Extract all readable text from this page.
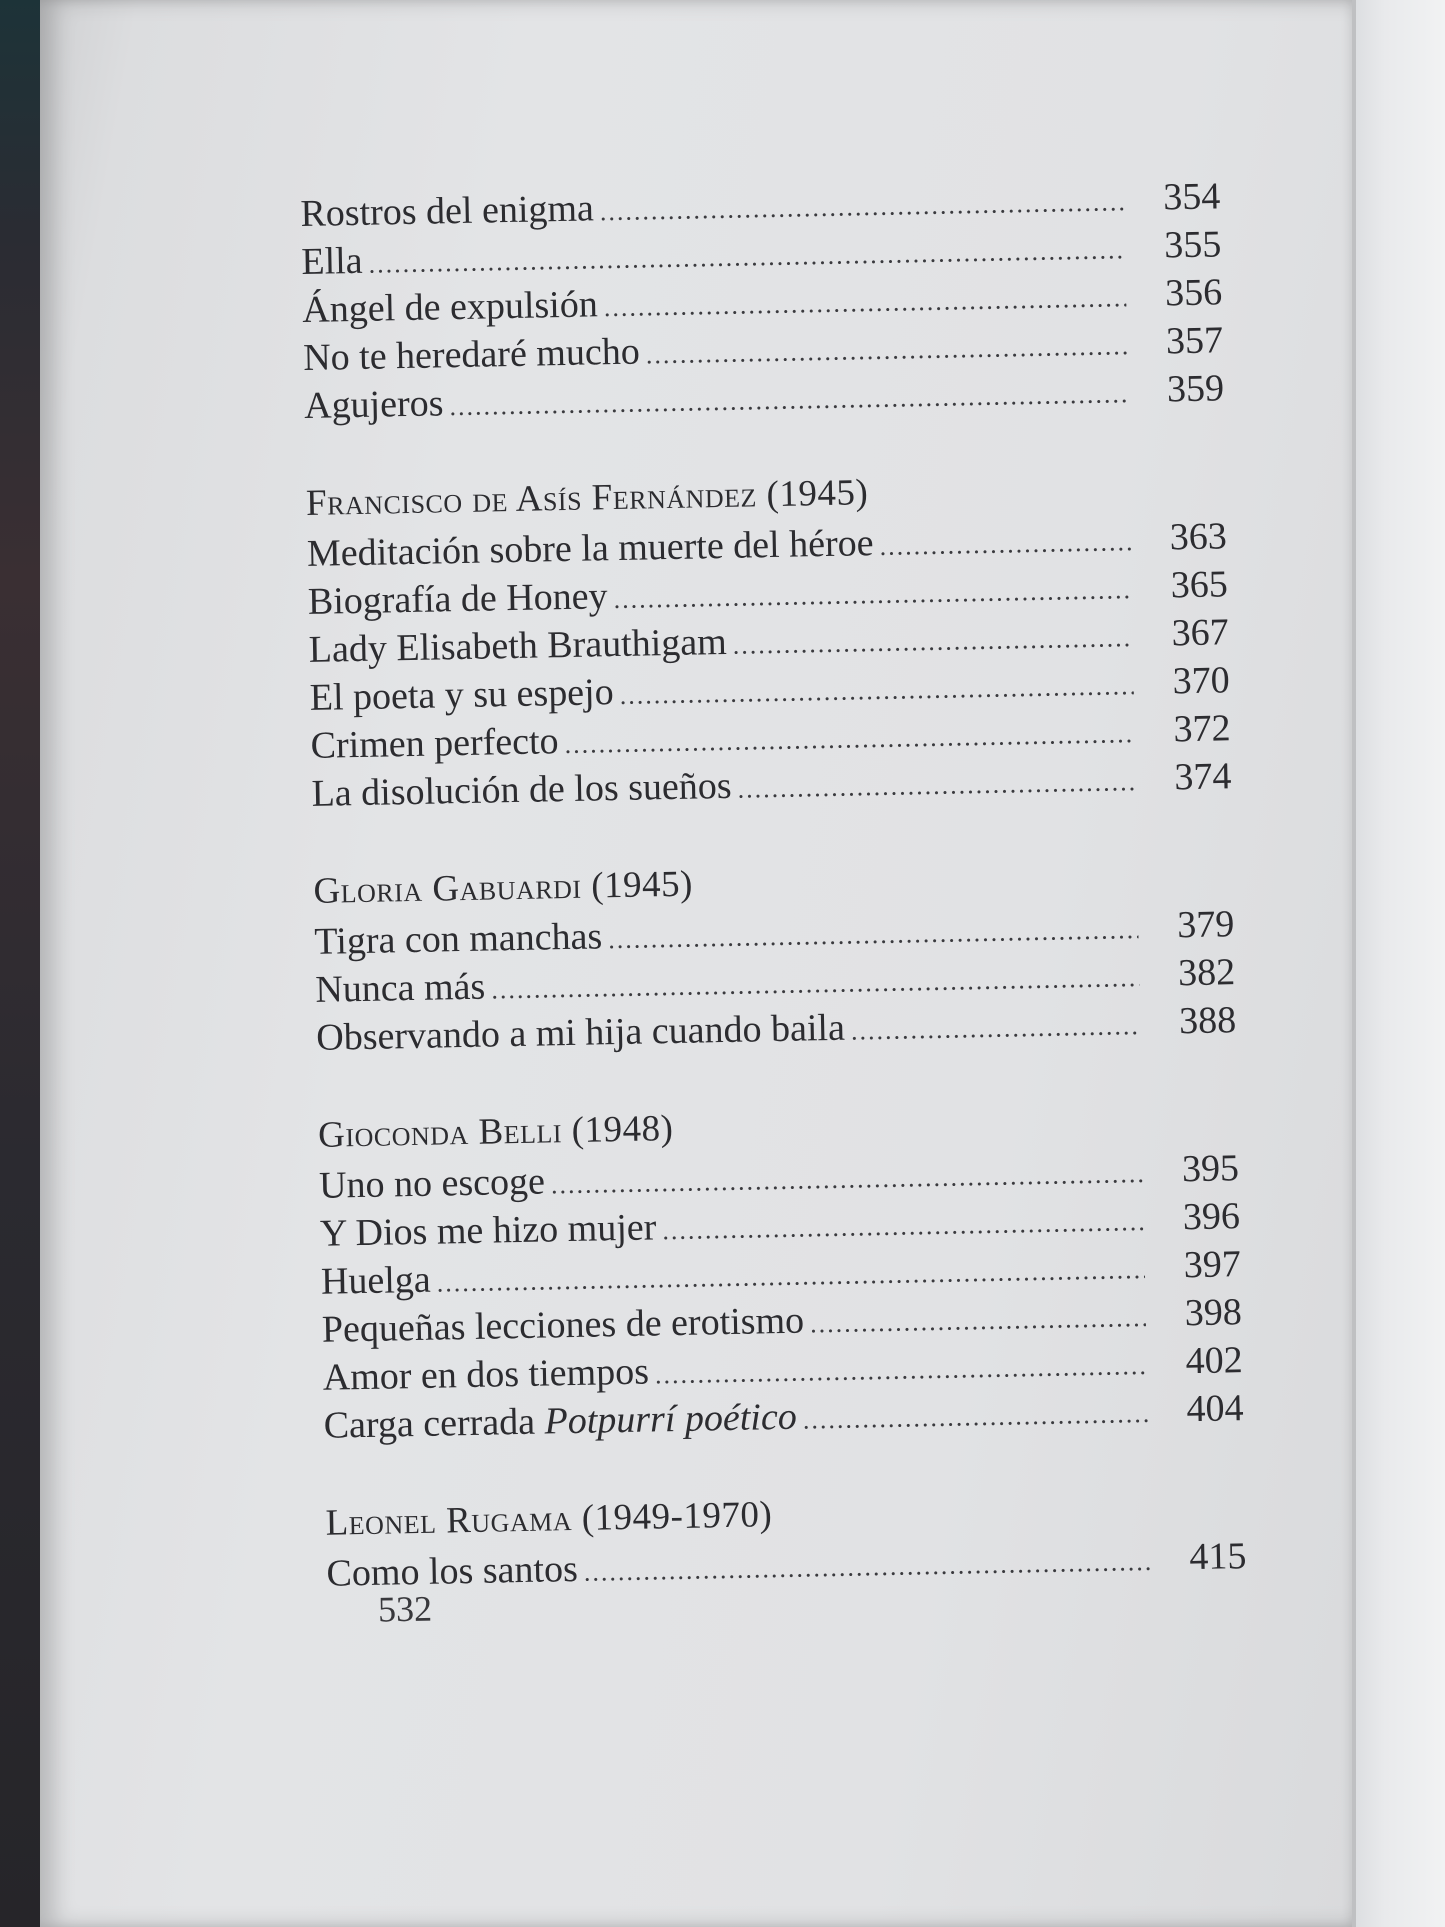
Rostros del enigma .....	354
Ella .....	355
Ángel de expulsión .....	356
No te heredaré mucho .....	357
Agujeros .....	359
Francisco de Asís Fernández (1945)
Meditación sobre la muerte del héroe .....	363
Biografía de Honey .....	365
Lady Elisabeth Brauthigam .....	367
El poeta y su espejo .....	370
Crimen perfecto .....	372
La disolución de los sueños .....	374
Gloria Gabuardi (1945)
Tigra con manchas .....	379
Nunca más .....	382
Observando a mi hija cuando baila .....	388
Gioconda Belli (1948)
Uno no escoge .....	395
Y Dios me hizo mujer .....	396
Huelga .....	397
Pequeñas lecciones de erotismo .....	398
Amor en dos tiempos .....	402
Carga cerrada Potpurrí poético .....	404
Leonel Rugama (1949-1970)
Como los santos .....	415
532
